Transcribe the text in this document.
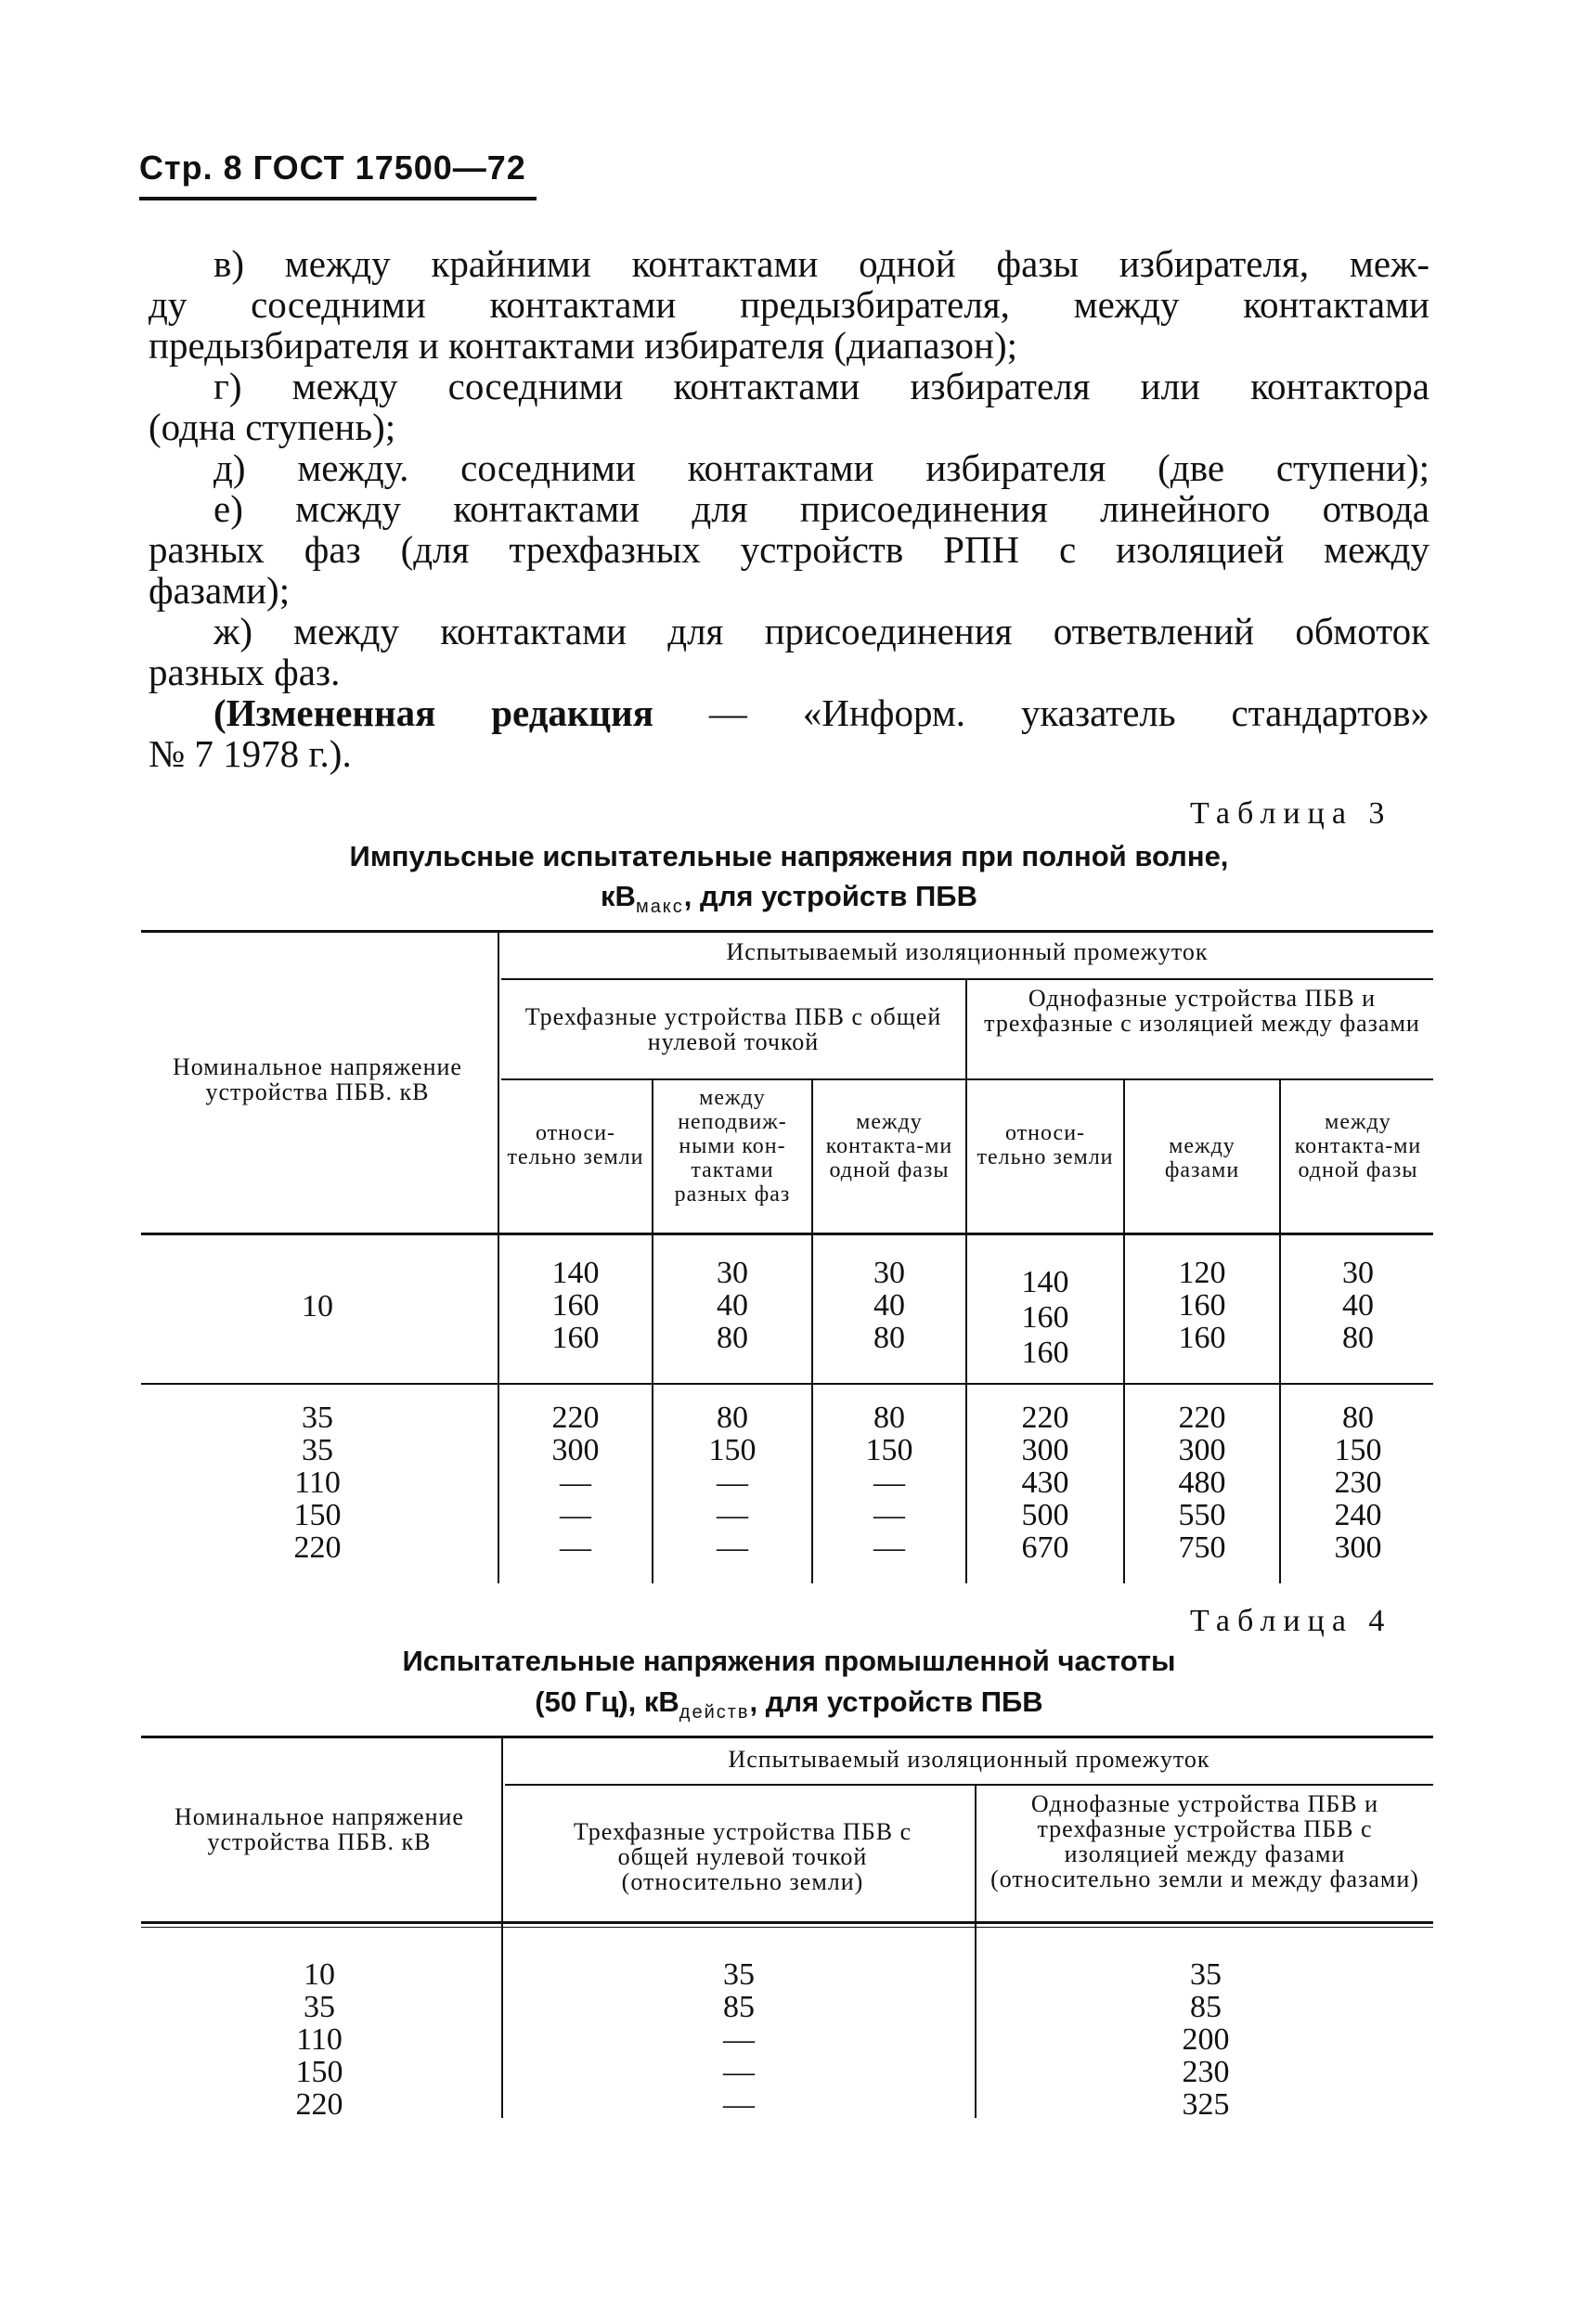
Стр. 8 ГОСТ 17500—72

в) между крайними контактами одной фазы избирателя, меж-

ду соседними контактами предызбирателя, между контактами

предызбирателя и контактами избирателя (диапазон);

г) между соседними контактами избирателя или контактора

(одна ступень);

д) между. соседними контактами избирателя (две ступени);

е) мсжду контактами для присоединения линейного отвода

разных фаз (для трехфазных устройств РПН с изоляцией между

фазами);

ж) между контактами для присоединения ответвлений обмоток

разных фаз.

(Измененная редакция — «Информ. указатель стандартов»

№ 7 1978 г.).

Таблица 3
Импульсные испытательные напряжения при полной волне,
$кВ_{макс}$, для устройств ПБВ
Номинальное напряжение устройства ПБВ. кВ
Испытываемый изоляционный промежуток
Трехфазные устройства ПБВ с общей нулевой точкой
Однофазные устройства ПБВ и трехфазные с изоляцией между фазами
относи-тельно земли
между неподвиж-ными кон-тактами разных фаз
между контакта-ми одной фазы
относи-тельно земли	между фазами
между контакта-ми одной фазы
10
140
160
160
30
40
80
30
40
80
140
160
160
120
160
160
30
40
80
35
35
110
150
220
220
300
—
—
—
80
150
—
—
—
80
150
—
—
—
220
300
430
500
670
220
300
480
550
750
80
150
230
240
300
Таблица 4
Испытательные напряжения промышленной частоты
(50 Гц), $кВ_{действ}$, для устройств ПБВ
Номинальное напряжение устройства ПБВ. кВ
Испытываемый изоляционный промежуток
Трехфазные устройства ПБВ с общей нулевой точкой (относительно земли)
Однофазные устройства ПБВ и трехфазные устройства ПБВ с изоляцией между фазами (относительно земли и между фазами)
10
35
110
150
220
35
85
—
—
—
35
85
200
230
325
